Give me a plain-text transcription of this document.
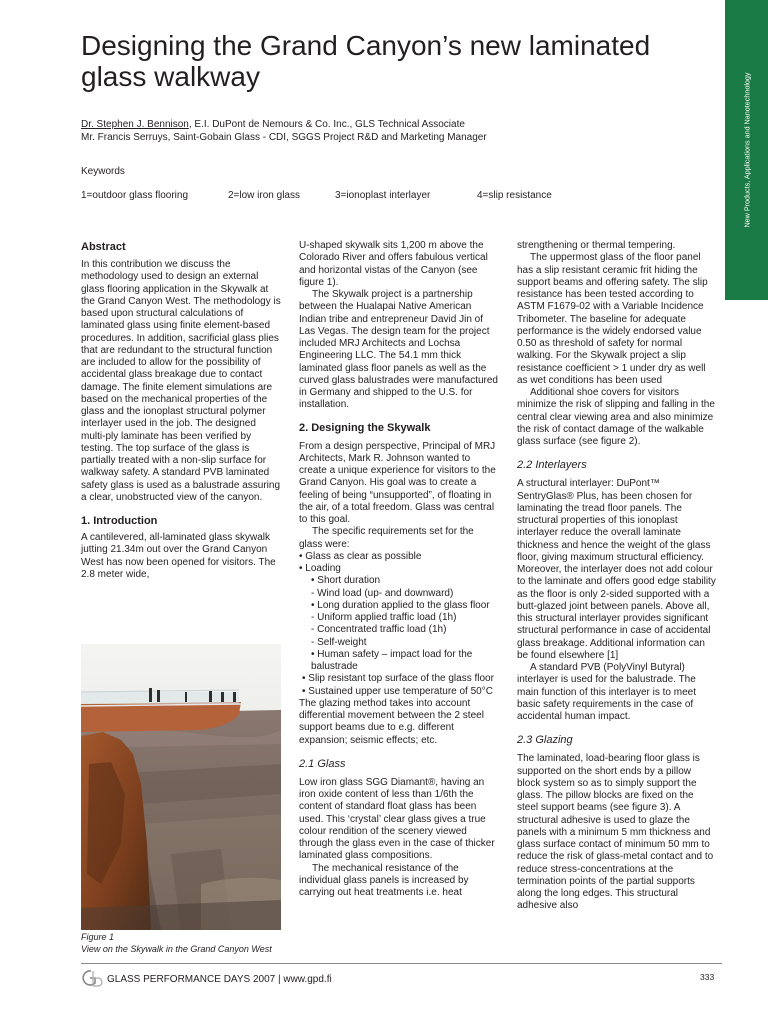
New Products, Applications and Nanotechnology
Designing the Grand Canyon’s new laminated glass walkway
Dr. Stephen J. Bennison, E.I. DuPont de Nemours & Co. Inc., GLS Technical Associate
Mr. Francis Serruys, Saint-Gobain Glass - CDI, SGGS Project R&D and Marketing Manager
Keywords
1=outdoor glass flooring	2=low iron glass	3=ionoplast interlayer	4=slip resistance
Abstract

In this contribution we discuss the methodology used to design an external glass flooring application in the Skywalk at the Grand Canyon West. The methodology is based upon structural calculations of laminated glass using finite element-based procedures. In addition, sacrificial glass plies that are redundant to the structural function are included to allow for the possibility of accidental glass breakage due to contact damage. The finite element simulations are based on the mechanical properties of the glass and the ionoplast structural polymer interlayer used in the job. The designed multi-ply laminate has been verified by testing. The top surface of the glass is partially treated with a non-slip surface for walkway safety. A standard PVB laminated safety glass is used as a balustrade assuring a clear, unobstructed view of the canyon.

1. Introduction

A cantilevered, all-laminated glass skywalk jutting 21.34m out over the Grand Canyon West has now been opened for visitors. The 2.8 meter wide,

Figure 1
View on the Skywalk in the Grand Canyon West

U-shaped skywalk sits 1,200 m above the Colorado River and offers fabulous vertical and horizontal vistas of the Canyon (see figure 1).

The Skywalk project is a partnership between the Hualapai Native American Indian tribe and entrepreneur David Jin of Las Vegas. The design team for the project included MRJ Architects and Lochsa Engineering LLC. The 54.1 mm thick laminated glass floor panels as well as the curved glass balustrades were manufactured in Germany and shipped to the U.S. for installation.

2. Designing the Skywalk

From a design perspective, Principal of MRJ Architects, Mark R. Johnson wanted to create a unique experience for visitors to the Grand Canyon. His goal was to create a feeling of being “unsupported”, of floating in the air, of a total freedom. Glass was central to this goal.

The specific requirements set for the glass were:

• Glass as clear as possible
• Loading
• Short duration
- Wind load (up- and downward)
• Long duration applied to the glass floor
- Uniform applied traffic load (1h)
- Concentrated traffic load (1h)
- Self-weight
• Human safety – impact load for the balustrade
• Slip resistant top surface of the glass floor
• Sustained upper use temperature of 50°C

The glazing method takes into account differential movement between the 2 steel support beams due to e.g. different expansion; seismic effects; etc.

2.1 Glass

Low iron glass SGG Diamant®, having an iron oxide content of less than 1/6th the content of standard float glass has been used. This ‘crystal’ clear glass gives a true colour rendition of the scenery viewed through the glass even in the case of thicker laminated glass compositions.

The mechanical resistance of the individual glass panels is increased by carrying out heat treatments i.e. heat

strengthening or thermal tempering.

The uppermost glass of the floor panel has a slip resistant ceramic frit hiding the support beams and offering safety. The slip resistance has been tested according to ASTM F1679-02 with a Variable Incidence Tribometer. The baseline for adequate performance is the widely endorsed value 0.50 as threshold of safety for normal walking. For the Skywalk project a slip resistance coefficient > 1 under dry as well as wet conditions has been used

Additional shoe covers for visitors minimize the risk of slipping and falling in the central clear viewing area and also minimize the risk of contact damage of the walkable glass surface (see figure 2).

2.2 Interlayers

A structural interlayer: DuPont™ SentryGlas® Plus, has been chosen for laminating the tread floor panels. The structural properties of this ionoplast interlayer reduce the overall laminate thickness and hence the weight of the glass floor, giving maximum structural efficiency. Moreover, the interlayer does not add colour to the laminate and offers good edge stability as the floor is only 2-sided supported with a butt-glazed joint between panels. Above all, this structural interlayer provides significant structural performance in case of accidental glass breakage. Additional information can be found elsewhere [1]

A standard PVB (PolyVinyl Butyral) interlayer is used for the balustrade. The main function of this interlayer is to meet basic safety requirements in the case of accidental human impact.

2.3 Glazing

The laminated, load-bearing floor glass is supported on the short ends by a pillow block system so as to simply support the glass. The pillow blocks are fixed on the steel support beams (see figure 3). A structural adhesive is used to glaze the panels with a minimum 5 mm thickness and glass surface contact of minimum 50 mm to reduce the risk of glass-metal contact and to reduce stress-concentrations at the termination points of the partial supports along the long edges. This structural adhesive also

GLASS PERFORMANCE DAYS 2007 | www.gpd.fi	333
